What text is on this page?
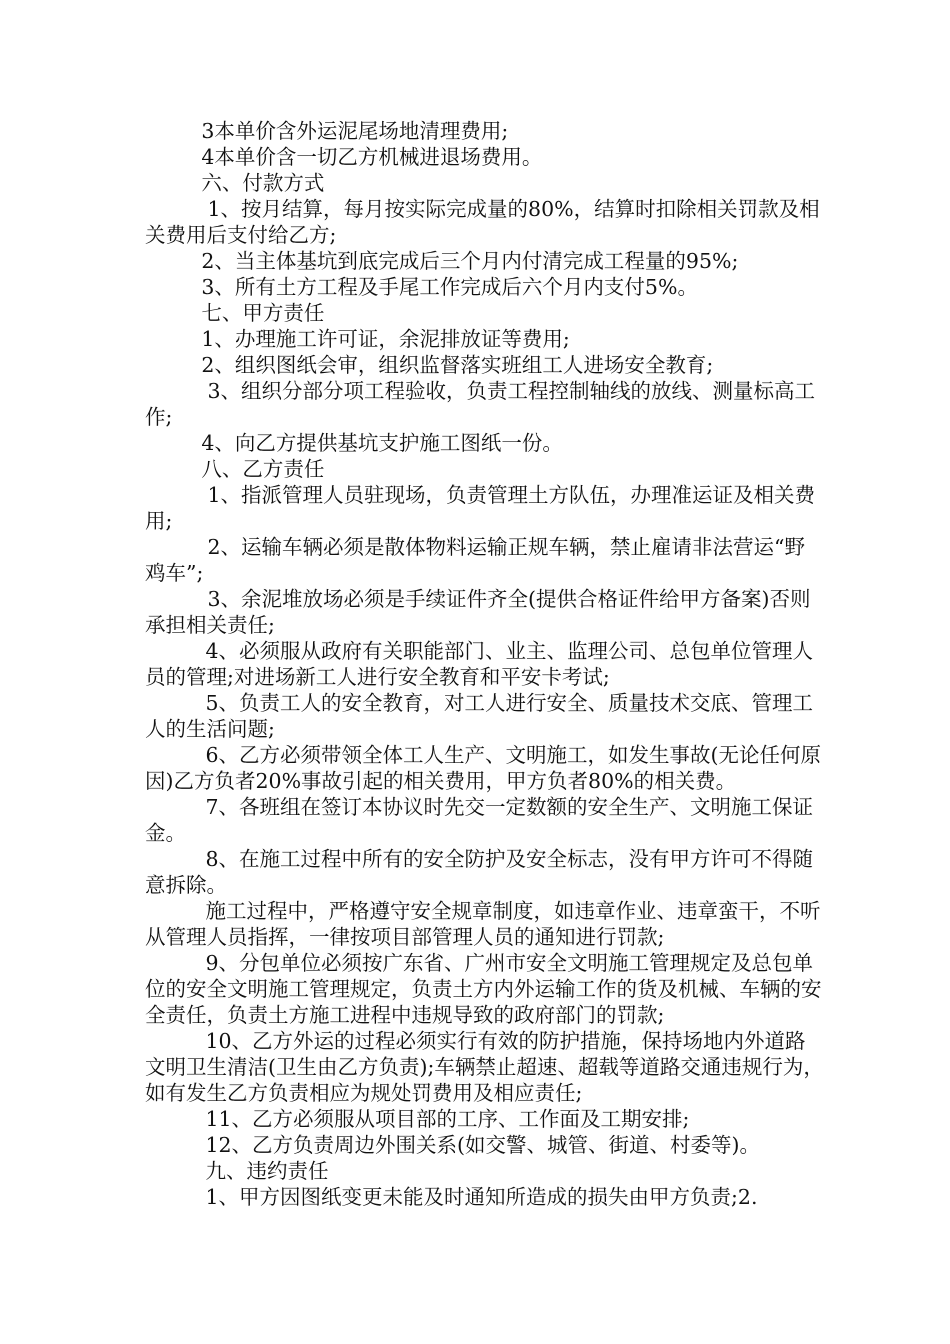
3本单价含外运泥尾场地清理费用;

4本单价含一切乙方机械进退场费用。

六、付款方式

1、按月结算，每月按实际完成量的80%，结算时扣除相关罚款及相关费用后支付给乙方;

2、当主体基坑到底完成后三个月内付清完成工程量的95%;

3、所有土方工程及手尾工作完成后六个月内支付5%。

七、甲方责任

1、办理施工许可证，余泥排放证等费用;

2、组织图纸会审，组织监督落实班组工人进场安全教育;

3、组织分部分项工程验收，负责工程控制轴线的放线、测量标高工作;

4、向乙方提供基坑支护施工图纸一份。

八、乙方责任

1、指派管理人员驻现场，负责管理土方队伍，办理准运证及相关费用;

2、运输车辆必须是散体物料运输正规车辆，禁止雇请非法营运“野鸡车”;

3、余泥堆放场必须是手续证件齐全(提供合格证件给甲方备案)否则承担相关责任;

4、必须服从政府有关职能部门、业主、监理公司、总包单位管理人员的管理;对进场新工人进行安全教育和平安卡考试;

5、负责工人的安全教育，对工人进行安全、质量技术交底、管理工人的生活问题;

6、乙方必须带领全体工人生产、文明施工，如发生事故(无论任何原因)乙方负者20%事故引起的相关费用，甲方负者80%的相关费。

7、各班组在签订本协议时先交一定数额的安全生产、文明施工保证金。

8、在施工过程中所有的安全防护及安全标志，没有甲方许可不得随意拆除。

施工过程中，严格遵守安全规章制度，如违章作业、违章蛮干，不听从管理人员指挥，一律按项目部管理人员的通知进行罚款;

9、分包单位必须按广东省、广州市安全文明施工管理规定及总包单位的安全文明施工管理规定，负责土方内外运输工作的货及机械、车辆的安全责任，负责土方施工进程中违规导致的政府部门的罚款;

10、乙方外运的过程必须实行有效的防护措施，保持场地内外道路文明卫生清洁(卫生由乙方负责);车辆禁止超速、超载等道路交通违规行为，如有发生乙方负责相应为规处罚费用及相应责任;

11、乙方必须服从项目部的工序、工作面及工期安排;

12、乙方负责周边外围关系(如交警、城管、街道、村委等)。

九、违约责任

1、甲方因图纸变更未能及时通知所造成的损失由甲方负责;2.
